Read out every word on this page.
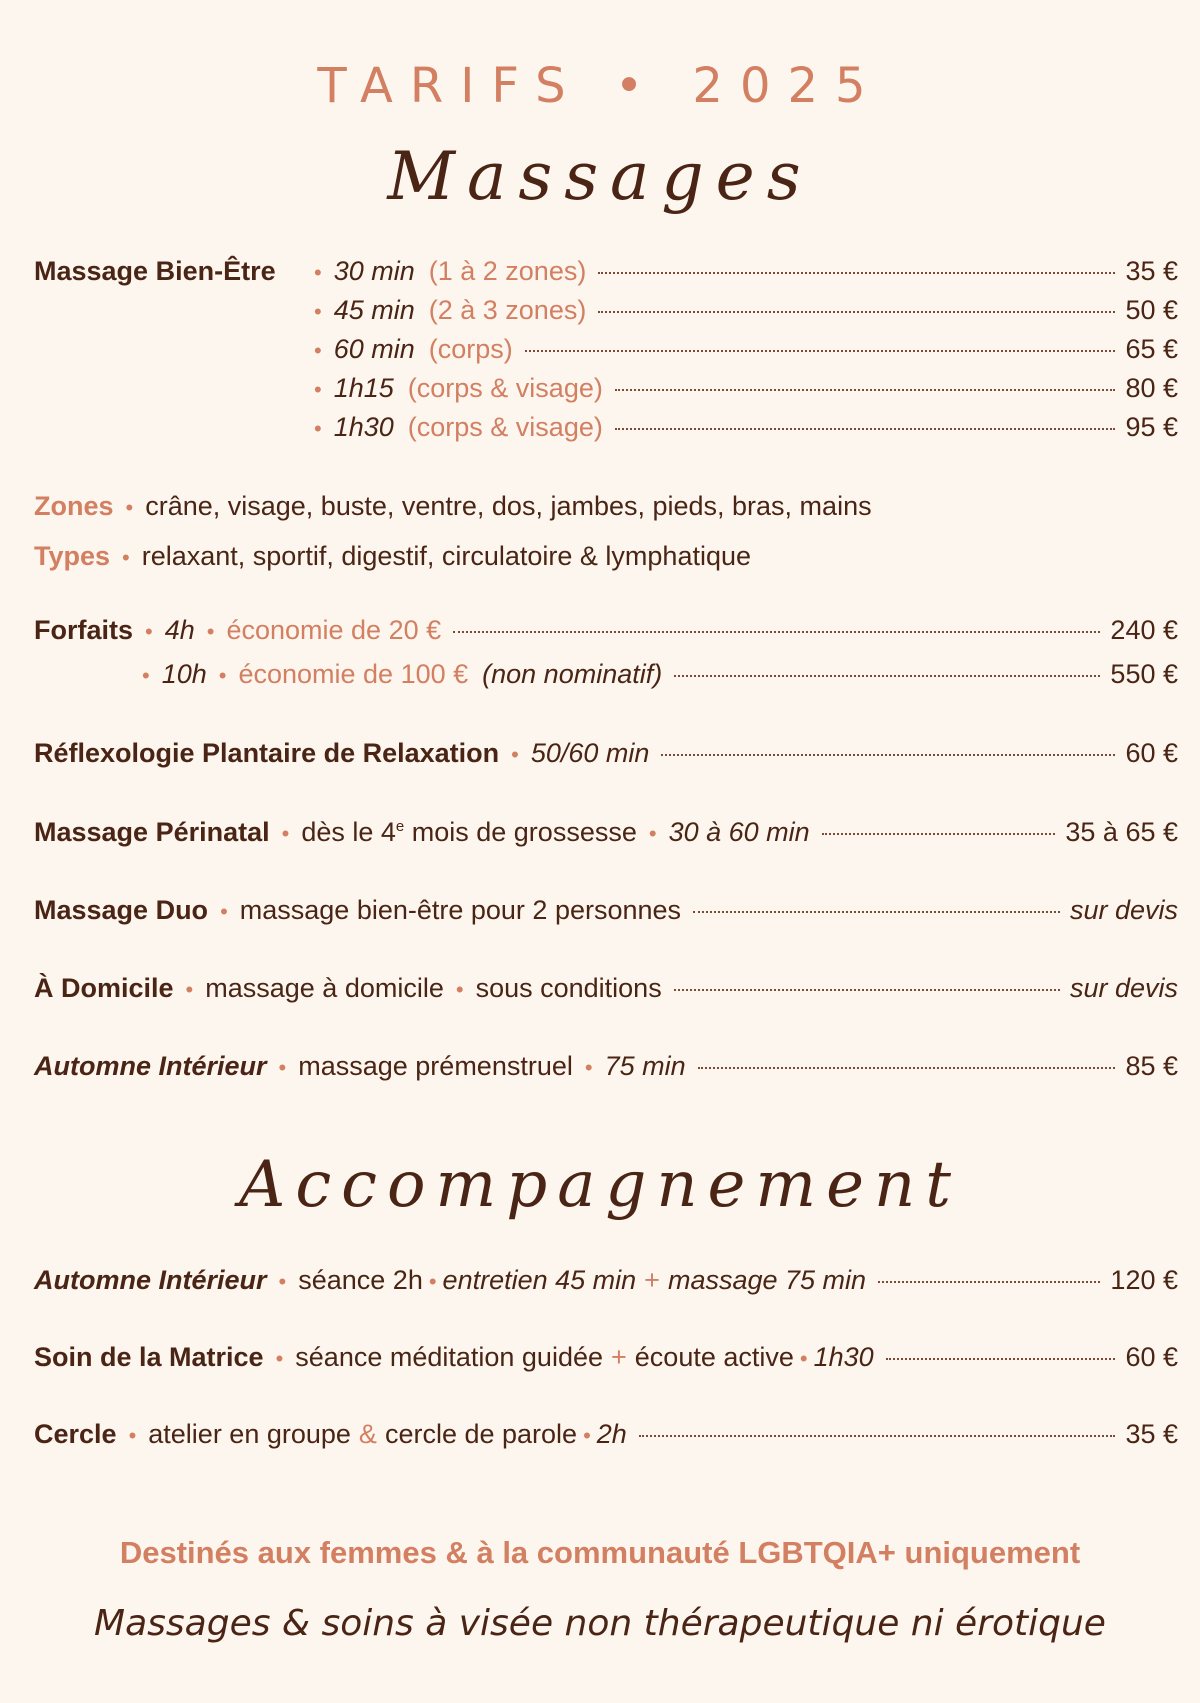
TARIFS • 2025
Massages
Massage Bien-Être	• 30 min (1 à 2 zones)	35 €
• 45 min (2 à 3 zones)	50 €
• 60 min (corps)	65 €
• 1h15 (corps & visage)	80 €
• 1h30 (corps & visage)	95 €
Zones • crâne, visage, buste, ventre, dos, jambes, pieds, bras, mains
Types • relaxant, sportif, digestif, circulatoire & lymphatique
Forfaits • 4h • économie de 20 €	240 €
• 10h • économie de 100 € (non nominatif)	550 €
Réflexologie Plantaire de Relaxation • 50/60 min	60 €
Massage Périnatal • dès le 4e mois de grossesse • 30 à 60 min	35 à 65 €
Massage Duo • massage bien-être pour 2 personnes	sur devis
À Domicile • massage à domicile • sous conditions	sur devis
Automne Intérieur • massage prémenstruel • 75 min	85 €
Accompagnement
Automne Intérieur • séance 2h • entretien 45 min + massage 75 min	120 €
Soin de la Matrice • séance méditation guidée + écoute active • 1h30	60 €
Cercle • atelier en groupe & cercle de parole • 2h	35 €
Destinés aux femmes & à la communauté LGBTQIA+ uniquement
Massages & soins à visée non thérapeutique ni érotique
